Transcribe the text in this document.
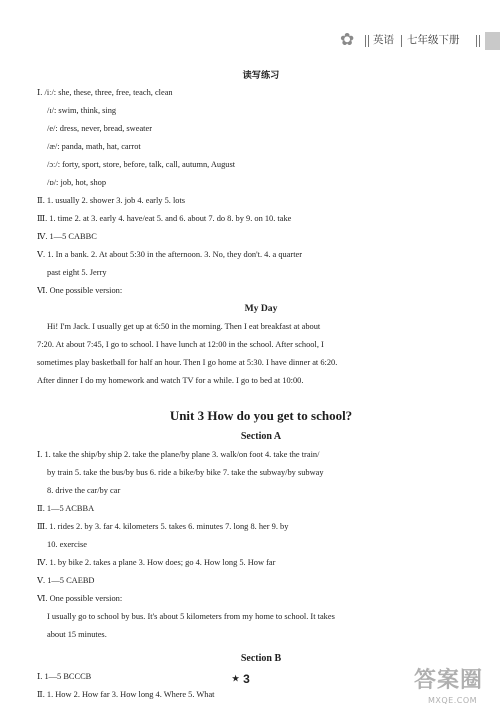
✿ 英语 七年级下册
读写练习
Ⅰ. /iː/: she, these, three, free, teach, clean
/ɪ/: swim, think, sing
/e/: dress, never, bread, sweater
/æ/: panda, math, hat, carrot
/ɔː/: forty, sport, store, before, talk, call, autumn, August
/ɒ/: job, hot, shop
Ⅱ. 1. usually 2. shower 3. job 4. early 5. lots
Ⅲ. 1. time 2. at 3. early 4. have/eat 5. and 6. about 7. do 8. by 9. on 10. take
Ⅳ. 1—5 CABBC
Ⅴ. 1. In a bank. 2. At about 5:30 in the afternoon. 3. No, they don't. 4. a quarter
past eight 5. Jerry
Ⅵ. One possible version:
My Day
Hi! I'm Jack. I usually get up at 6:50 in the morning. Then I eat breakfast at about
7:20. At about 7:45, I go to school. I have lunch at 12:00 in the school. After school, I
sometimes play basketball for half an hour. Then I go home at 5:30. I have dinner at 6:20.
After dinner I do my homework and watch TV for a while. I go to bed at 10:00.
Unit 3 How do you get to school?
Section A
Ⅰ. 1. take the ship/by ship 2. take the plane/by plane 3. walk/on foot 4. take the train/
by train 5. take the bus/by bus 6. ride a bike/by bike 7. take the subway/by subway
8. drive the car/by car
Ⅱ. 1—5 ACBBA
Ⅲ. 1. rides 2. by 3. far 4. kilometers 5. takes 6. minutes 7. long 8. her 9. by
10. exercise
Ⅳ. 1. by bike 2. takes a plane 3. How does; go 4. How long 5. How far
Ⅴ. 1—5 CAEBD
Ⅵ. One possible version:
I usually go to school by bus. It's about 5 kilometers from my home to school. It takes
about 15 minutes.
Section B
Ⅰ. 1—5 BCCCB
Ⅱ. 1. How 2. How far 3. How long 4. Where 5. What
★ 3	答案圈
MXQE.COM
